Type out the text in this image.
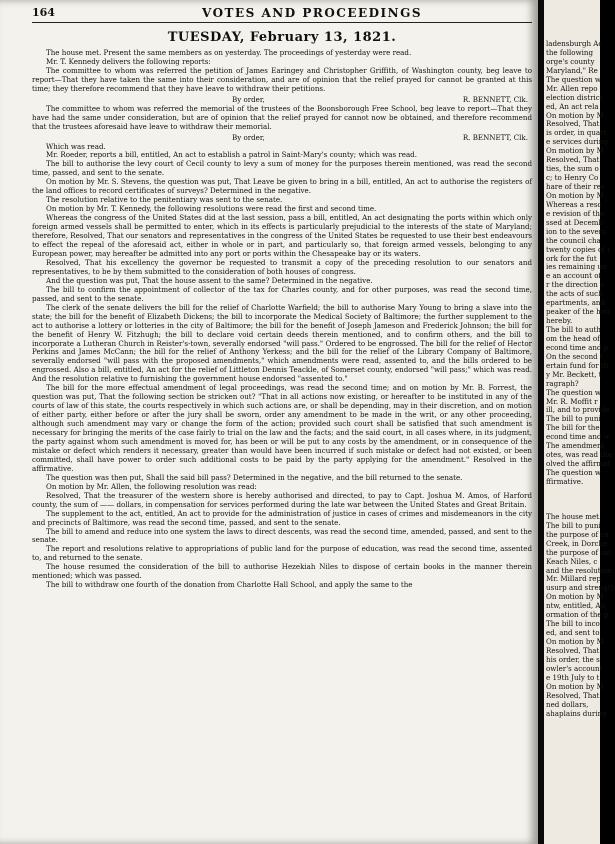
164	VOTES AND PROCEEDINGS
TUESDAY, February 13, 1821.

The house met. Present the same members as on yesterday. The proceedings of yesterday were read.

Mr. T. Kennedy delivers the following reports:

The committee to whom was referred the petition of James Earingey and Christopher Griffith, of Washington county, beg leave to report—That they have taken the same into their consideration, and are of opinion that the relief prayed for cannot be granted at this time; they therefore recommend that they have leave to withdraw their petitions.

By order,	R. BENNETT, Clk.

The committee to whom was referred the memorial of the trustees of the Boonsborough Free School, beg leave to report—That they have had the same under consideration, but are of opinion that the relief prayed for cannot now be obtained, and therefore recommend that the trustees aforesaid have leave to withdraw their memorial.

By order,	R. BENNETT, Clk.

Which was read.

Mr. Roeder, reports a bill, entitled, An act to establish a patrol in Saint-Mary's county; which was read.

The bill to authorise the levy court of Cecil county to levy a sum of money for the purposes therein mentioned, was read the second time, passed, and sent to the senate.

On motion by Mr. S. Stevens, the question was put, That Leave be given to bring in a bill, entitled, An act to authorise the registers of the land offices to record certificates of surveys? Determined in the negative.

The resolution relative to the penitentiary was sent to the senate.

On motion by Mr. T. Kennedy, the following resolutions were read the first and second time.

Whereas the congress of the United States did at the last session, pass a bill, entitled, An act designating the ports within which only foreign armed vessels shall be permitted to enter, which in its effects is particularly prejudicial to the interests of the state of Maryland; therefore, Resolved, That our senators and representatives in the congress of the United States be requested to use their best endeavours to effect the repeal of the aforesaid act, either in whole or in part, and particularly so, that foreign armed vessels, belonging to any European power, may hereafter be admitted into any port or ports within the Chesapeake bay or its waters.

Resolved, That his excellency the governor be requested to transmit a copy of the preceding resolution to our senators and representatives, to be by them submitted to the consideration of both houses of congress.

And the question was put, That the house assent to the same? Determined in the negative.

The bill to confirm the appointment of collector of the tax for Charles county, and for other purposes, was read the second time, passed, and sent to the senate.

The clerk of the senate delivers the bill for the relief of Charlotte Warfield; the bill to authorise Mary Young to bring a slave into the state; the bill for the benefit of Elizabeth Dickens; the bill to incorporate the Medical Society of Baltimore; the further supplement to the act to authorise a lottery or lotteries in the city of Baltimore; the bill for the benefit of Joseph Jameson and Frederick Johnson; the bill for the benefit of Henry W. Fitzhugh; the bill to declare void certain deeds therein mentioned, and to confirm others, and the bill to incorporate a Lutheran Church in Reister's-town, severally endorsed "will pass." Ordered to be engrossed. The bill for the relief of Hector Perkins and James McCann; the bill for the relief of Anthony Yerkess; and the bill for the relief of the Library Company of Baltimore, severally endorsed "will pass with the proposed amendments," which amendments were read, assented to, and the bills ordered to be engrossed. Also a bill, entitled, An act for the relief of Littleton Dennis Teackle, of Somerset county, endorsed "will pass;" which was read. And the resolution relative to furnishing the government house endorsed "assented to."

The bill for the more effectual amendment of legal proceedings, was read the second time; and on motion by Mr. B. Forrest, the question was put, That the following section be stricken out? "That in all actions now existing, or hereafter to be instituted in any of the courts of law of this state, the courts respectively in which such actions are, or shall be depending, may in their discretion, and on motion of either party, either before or after the jury shall be sworn, order any amendment to be made in the writ, or any other proceeding, although such amendment may vary or change the form of the action; provided such court shall be satisfied that such amendment is necessary for bringing the merits of the case fairly to trial on the law and the facts; and the said court, in all cases where, in its judgment, the party against whom such amendment is moved for, has been or will be put to any costs by the amendment, or in consequence of the mistake or defect which renders it necessary, greater than would have been incurred if such mistake or defect had not existed, or been committed, shall have power to order such additional costs to be paid by the party applying for the amendment." Resolved in the affirmative.

The question was then put, Shall the said bill pass? Determined in the negative, and the bill returned to the senate.

On motion by Mr. Allen, the following resolution was read:

Resolved, That the treasurer of the western shore is hereby authorised and directed, to pay to Capt. Joshua M. Amos, of Harford county, the sum of —— dollars, in compensation for services performed during the late war between the United States and Great Britain.

The supplement to the act, entitled, An act to provide for the administration of justice in cases of crimes and misdemeanors in the city and precincts of Baltimore, was read the second time, passed, and sent to the senate.

The bill to amend and reduce into one system the laws to direct descents, was read the second time, amended, passed, and sent to the senate.

The report and resolutions relative to appropriations of public land for the purpose of education, was read the second time, assented to, and returned to the senate.

The house resumed the consideration of the bill to authorise Hezekiah Niles to dispose of certain books in the manner therein mentioned; which was passed.

The bill to withdraw one fourth of the donation from Charlotte Hall School, and apply the same to the

ladensburgh Ac
the following
orge's county
Maryland," Re
The question w
Mr. Allen repo
election district
ed, An act rela
On motion by M
Resolved, That
is order, in quart
e services during
On motion by M
Resolved, That
ties, the sum o
c; to Henry Co
hare of their res
On motion by M
Whereas a reso
e revision of the
ssed at Decemb
ion to the severa
the council cha
twenty copies of t
ork for the fut
ies remaining un
e an account of
r the direction o
the acts of such
epartments, and
peaker of the hou
hereby.
The bill to auth
om the head of
econd time and p
On the second t
ertain fund for th
y Mr. Beckett, t
ragraph?
The question w
Mr. R. Moffit r
ill, and to provide
The bill to puni
The bill for the
econd time and w
The amendment
otes, was read the
olved the affirmat
The question w
ffirmative.
The house met.
The bill to puni
the purpose of cu
Creek, in Dorche
the purpose of sat
Keach Niles, c
and the resolution
Mr. Millard rep
usurp and strength
On motion by M
ntw, entitled, An
ormation of the p
The bill to inco
ed, and sent to
On motion by M
Resolved, That
his order, the s
owler's account
e 19th July to t
On motion by M
Resolved, That
ned dollars,
ahaplains during
